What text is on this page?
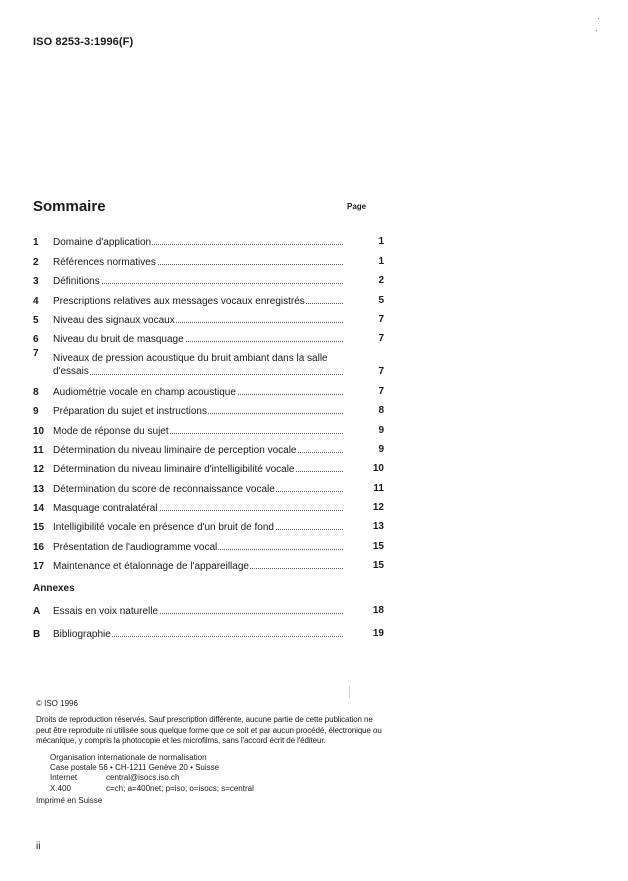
ISO 8253-3:1996(F)
Sommaire	Page
1	Domaine d'application	1
2	Références normatives	1
3	Définitions	2
4	Prescriptions relatives aux messages vocaux enregistrés	5
5	Niveau des signaux vocaux	7
6	Niveau du bruit de masquage	7
7	Niveaux de pression acoustique du bruit ambiant dans la salle
d'essais	7
8	Audiométrie vocale en champ acoustique	7
9	Préparation du sujet et instructions	8
10 Mode de réponse du sujet	9
11 Détermination du niveau liminaire de perception vocale	9
12 Détermination du niveau liminaire d'intelligibilité vocale	10
13 Détermination du score de reconnaissance vocale	11
14 Masquage contralatéral	12
15 Intelligibilité vocale en présence d'un bruit de fond	13
16 Présentation de l'audiogramme vocal	15
17 Maintenance et étalonnage de l'appareillage	15
Annexes
A	Essais en voix naturelle	18
B	Bibliographie	19
© ISO 1996
Droits de reproduction réservés. Sauf prescription différente, aucune partie de cette publication ne peut être reproduite ni utilisée sous quelque forme que ce soit et par aucun procédé, électronique ou mécanique, y compris la photocopie et les microfilms, sans l'accord écrit de l'éditeur.
Organisation internationale de normalisation
Case postale 56 • CH-1211 Genève 20 • Suisse
Internet	central@isocs.iso.ch
X.400	c=ch; a=400net; p=iso; o=isocs; s=central
Imprimé en Suisse
ii
